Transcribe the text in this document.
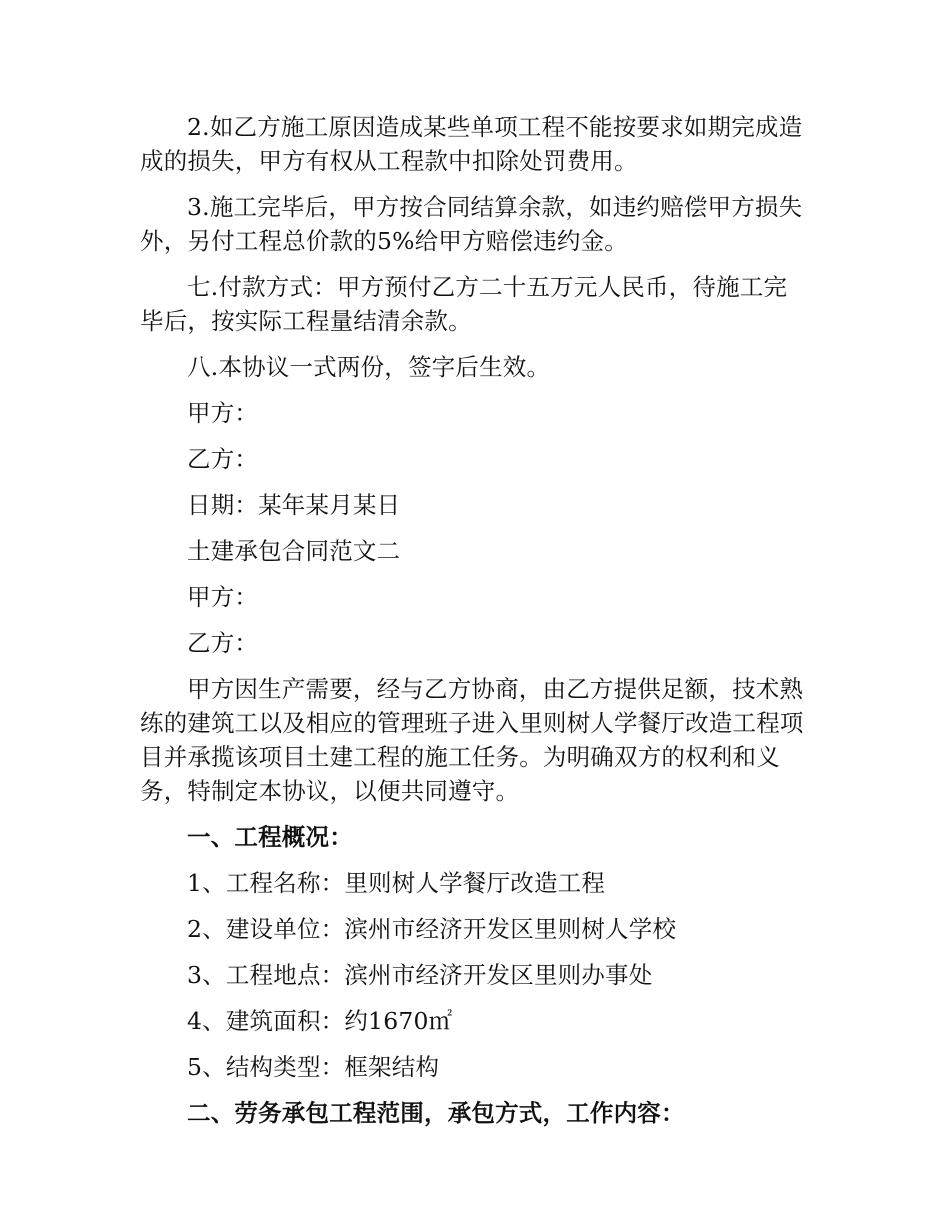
2.如乙方施工原因造成某些单项工程不能按要求如期完成造成的损失，甲方有权从工程款中扣除处罚费用。

3.施工完毕后，甲方按合同结算余款，如违约赔偿甲方损失外，另付工程总价款的5%给甲方赔偿违约金。

七.付款方式：甲方预付乙方二十五万元人民币，待施工完毕后，按实际工程量结清余款。

八.本协议一式两份，签字后生效。

甲方：

乙方：

日期：某年某月某日

土建承包合同范文二

甲方：

乙方：

甲方因生产需要，经与乙方协商，由乙方提供足额，技术熟练的建筑工以及相应的管理班子进入里则树人学餐厅改造工程项目并承揽该项目土建工程的施工任务。为明确双方的权利和义务，特制定本协议，以便共同遵守。

一、工程概况：

1、工程名称：里则树人学餐厅改造工程

2、建设单位：滨州市经济开发区里则树人学校

3、工程地点：滨州市经济开发区里则办事处

4、建筑面积：约1670㎡

5、结构类型：框架结构

二、劳务承包工程范围，承包方式，工作内容：
